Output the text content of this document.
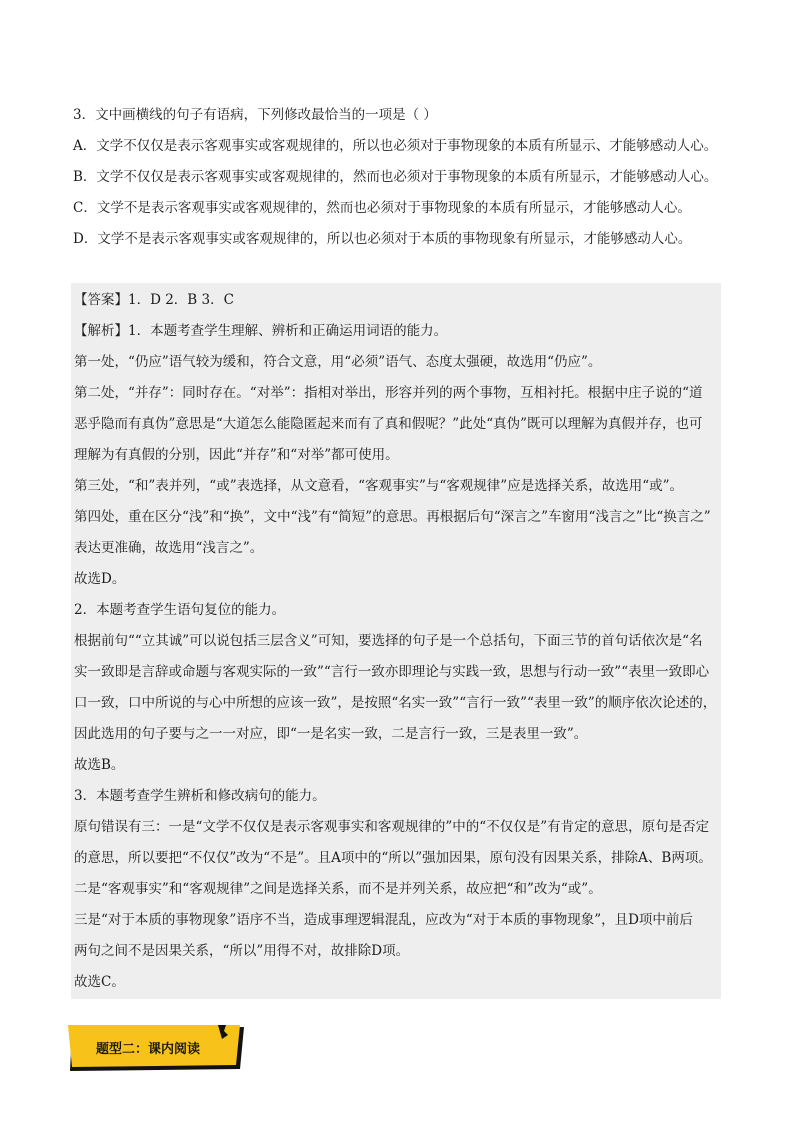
3．文中画横线的句子有语病，下列修改最恰当的一项是（ ）

A．文学不仅仅是表示客观事实或客观规律的，所以也必须对于事物现象的本质有所显示、才能够感动人心。

B．文学不仅仅是表示客观事实或客观规律的，然而也必须对于事物现象的本质有所显示，才能够感动人心。

C．文学不是表示客观事实或客观规律的，然而也必须对于事物现象的本质有所显示，才能够感动人心。

D．文学不是表示客观事实或客观规律的，所以也必须对于本质的事物现象有所显示，才能够感动人心。

【答案】1．D 2．B 3．C

【解析】1．本题考查学生理解、辨析和正确运用词语的能力。

第一处，“仍应”语气较为缓和，符合文意，用“必须”语气、态度太强硬，故选用“仍应”。

第二处，“并存”：同时存在。“对举”：指相对举出，形容并列的两个事物，互相衬托。根据中庄子说的“道

恶乎隐而有真伪”意思是“大道怎么能隐匿起来而有了真和假呢？”此处“真伪”既可以理解为真假并存，也可

理解为有真假的分别，因此“并存”和“对举”都可使用。

第三处，“和”表并列，“或”表选择，从文意看，“客观事实”与“客观规律”应是选择关系，故选用“或”。

第四处，重在区分“浅”和“换”，文中“浅”有“简短”的意思。再根据后句“深言之”车窗用“浅言之”比“换言之”

表达更准确，故选用“浅言之”。

故选D。

2．本题考查学生语句复位的能力。

根据前句““立其诚”可以说包括三层含义”可知，要选择的句子是一个总括句，下面三节的首句话依次是“名

实一致即是言辞或命题与客观实际的一致”“言行一致亦即理论与实践一致，思想与行动一致”“表里一致即心

口一致，口中所说的与心中所想的应该一致”，是按照“名实一致”“言行一致”“表里一致”的顺序依次论述的，

因此选用的句子要与之一一对应，即“一是名实一致，二是言行一致，三是表里一致”。

故选B。

3．本题考查学生辨析和修改病句的能力。

原句错误有三：一是“文学不仅仅是表示客观事实和客观规律的”中的“不仅仅是”有肯定的意思，原句是否定

的意思，所以要把“不仅仅”改为“不是”。且A项中的“所以”强加因果，原句没有因果关系，排除A、B两项。

二是“客观事实”和“客观规律”之间是选择关系，而不是并列关系，故应把“和”改为“或”。

三是“对于本质的事物现象”语序不当，造成事理逻辑混乱，应改为“对于本质的事物现象”，且D项中前后

两句之间不是因果关系，“所以”用得不对，故排除D项。

故选C。

题型二：课内阅读
